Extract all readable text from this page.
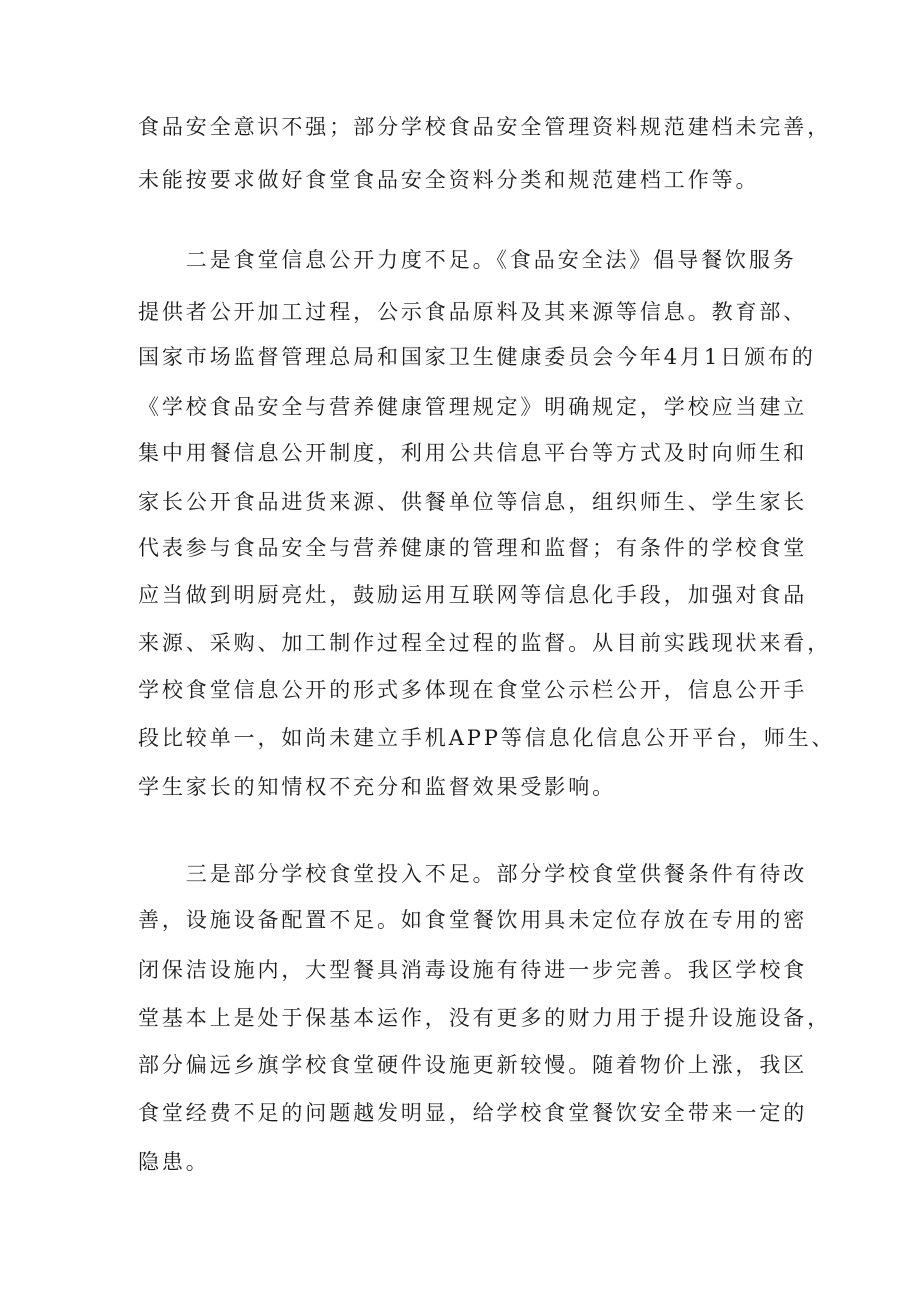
食品安全意识不强；部分学校食品安全管理资料规范建档未完善，
未能按要求做好食堂食品安全资料分类和规范建档工作等。
　　二是食堂信息公开力度不足。《食品安全法》倡导餐饮服务
提供者公开加工过程，公示食品原料及其来源等信息。教育部、
国家市场监督管理总局和国家卫生健康委员会今年4月1日颁布的
《学校食品安全与营养健康管理规定》明确规定，学校应当建立
集中用餐信息公开制度，利用公共信息平台等方式及时向师生和
家长公开食品进货来源、供餐单位等信息，组织师生、学生家长
代表参与食品安全与营养健康的管理和监督；有条件的学校食堂
应当做到明厨亮灶，鼓励运用互联网等信息化手段，加强对食品
来源、采购、加工制作过程全过程的监督。从目前实践现状来看，
学校食堂信息公开的形式多体现在食堂公示栏公开，信息公开手
段比较单一，如尚未建立手机APP等信息化信息公开平台，师生、
学生家长的知情权不充分和监督效果受影响。
　　三是部分学校食堂投入不足。部分学校食堂供餐条件有待改
善，设施设备配置不足。如食堂餐饮用具未定位存放在专用的密
闭保洁设施内，大型餐具消毒设施有待进一步完善。我区学校食
堂基本上是处于保基本运作，没有更多的财力用于提升设施设备，
部分偏远乡旗学校食堂硬件设施更新较慢。随着物价上涨，我区
食堂经费不足的问题越发明显，给学校食堂餐饮安全带来一定的
隐患。
